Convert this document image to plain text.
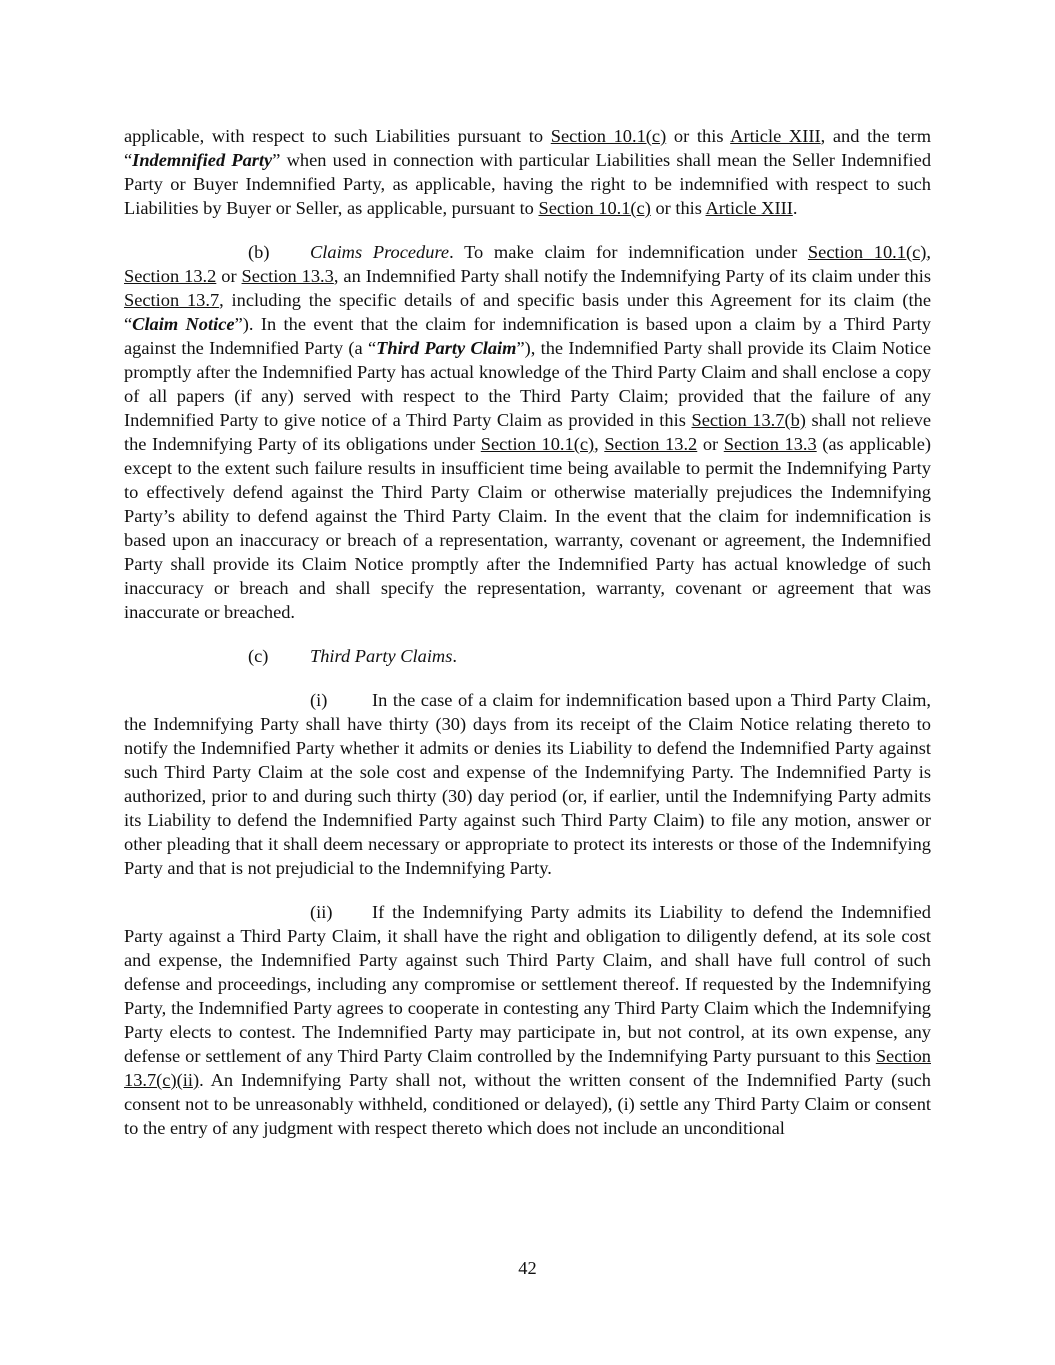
applicable, with respect to such Liabilities pursuant to Section 10.1(c) or this Article XIII, and the term “Indemnified Party” when used in connection with particular Liabilities shall mean the Seller Indemnified Party or Buyer Indemnified Party, as applicable, having the right to be indemnified with respect to such Liabilities by Buyer or Seller, as applicable, pursuant to Section 10.1(c) or this Article XIII.

(b) Claims Procedure. To make claim for indemnification under Section 10.1(c), Section 13.2 or Section 13.3, an Indemnified Party shall notify the Indemnifying Party of its claim under this Section 13.7, including the specific details of and specific basis under this Agreement for its claim (the “Claim Notice”). In the event that the claim for indemnification is based upon a claim by a Third Party against the Indemnified Party (a “Third Party Claim”), the Indemnified Party shall provide its Claim Notice promptly after the Indemnified Party has actual knowledge of the Third Party Claim and shall enclose a copy of all papers (if any) served with respect to the Third Party Claim; provided that the failure of any Indemnified Party to give notice of a Third Party Claim as provided in this Section 13.7(b) shall not relieve the Indemnifying Party of its obligations under Section 10.1(c), Section 13.2 or Section 13.3 (as applicable) except to the extent such failure results in insufficient time being available to permit the Indemnifying Party to effectively defend against the Third Party Claim or otherwise materially prejudices the Indemnifying Party’s ability to defend against the Third Party Claim. In the event that the claim for indemnification is based upon an inaccuracy or breach of a representation, warranty, covenant or agreement, the Indemnified Party shall provide its Claim Notice promptly after the Indemnified Party has actual knowledge of such inaccuracy or breach and shall specify the representation, warranty, covenant or agreement that was inaccurate or breached.

(c) Third Party Claims.

(i) In the case of a claim for indemnification based upon a Third Party Claim, the Indemnifying Party shall have thirty (30) days from its receipt of the Claim Notice relating thereto to notify the Indemnified Party whether it admits or denies its Liability to defend the Indemnified Party against such Third Party Claim at the sole cost and expense of the Indemnifying Party. The Indemnified Party is authorized, prior to and during such thirty (30) day period (or, if earlier, until the Indemnifying Party admits its Liability to defend the Indemnified Party against such Third Party Claim) to file any motion, answer or other pleading that it shall deem necessary or appropriate to protect its interests or those of the Indemnifying Party and that is not prejudicial to the Indemnifying Party.

(ii) If the Indemnifying Party admits its Liability to defend the Indemnified Party against a Third Party Claim, it shall have the right and obligation to diligently defend, at its sole cost and expense, the Indemnified Party against such Third Party Claim, and shall have full control of such defense and proceedings, including any compromise or settlement thereof. If requested by the Indemnifying Party, the Indemnified Party agrees to cooperate in contesting any Third Party Claim which the Indemnifying Party elects to contest. The Indemnified Party may participate in, but not control, at its own expense, any defense or settlement of any Third Party Claim controlled by the Indemnifying Party pursuant to this Section 13.7(c)(ii). An Indemnifying Party shall not, without the written consent of the Indemnified Party (such consent not to be unreasonably withheld, conditioned or delayed), (i) settle any Third Party Claim or consent to the entry of any judgment with respect thereto which does not include an unconditional

42
